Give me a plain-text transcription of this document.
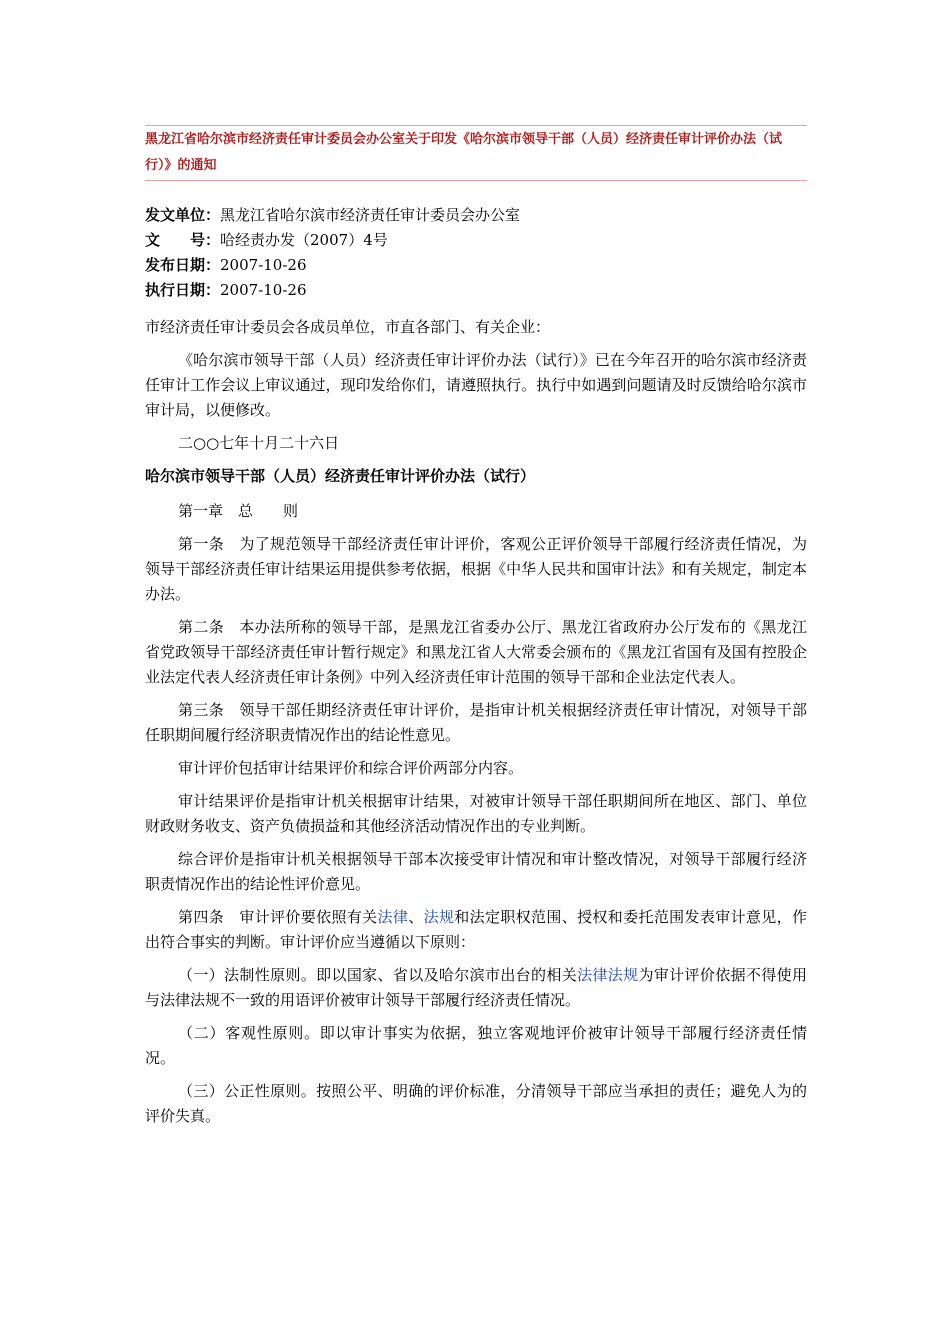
黑龙江省哈尔滨市经济责任审计委员会办公室关于印发《哈尔滨市领导干部（人员）经济责任审计评价办法（试行）》的通知
发文单位：黑龙江省哈尔滨市经济责任审计委员会办公室
文　　号：哈经责办发（2007）4号
发布日期：2007-10-26
执行日期：2007-10-26

市经济责任审计委员会各成员单位，市直各部门、有关企业：

《哈尔滨市领导干部（人员）经济责任审计评价办法（试行）》已在今年召开的哈尔滨市经济责任审计工作会议上审议通过，现印发给你们，请遵照执行。执行中如遇到问题请及时反馈给哈尔滨市审计局，以便修改。

二○○七年十月二十六日

哈尔滨市领导干部（人员）经济责任审计评价办法（试行）

第一章　总　　则

第一条　为了规范领导干部经济责任审计评价，客观公正评价领导干部履行经济责任情况，为领导干部经济责任审计结果运用提供参考依据，根据《中华人民共和国审计法》和有关规定，制定本办法。

第二条　本办法所称的领导干部，是黑龙江省委办公厅、黑龙江省政府办公厅发布的《黑龙江省党政领导干部经济责任审计暂行规定》和黑龙江省人大常委会颁布的《黑龙江省国有及国有控股企业法定代表人经济责任审计条例》中列入经济责任审计范围的领导干部和企业法定代表人。

第三条　领导干部任期经济责任审计评价，是指审计机关根据经济责任审计情况，对领导干部任职期间履行经济职责情况作出的结论性意见。

审计评价包括审计结果评价和综合评价两部分内容。

审计结果评价是指审计机关根据审计结果，对被审计领导干部任职期间所在地区、部门、单位财政财务收支、资产负债损益和其他经济活动情况作出的专业判断。

综合评价是指审计机关根据领导干部本次接受审计情况和审计整改情况，对领导干部履行经济职责情况作出的结论性评价意见。

第四条　审计评价要依照有关法律、法规和法定职权范围、授权和委托范围发表审计意见，作出符合事实的判断。审计评价应当遵循以下原则：

（一）法制性原则。即以国家、省以及哈尔滨市出台的相关法律法规为审计评价依据不得使用与法律法规不一致的用语评价被审计领导干部履行经济责任情况。

（二）客观性原则。即以审计事实为依据，独立客观地评价被审计领导干部履行经济责任情况。

（三）公正性原则。按照公平、明确的评价标准，分清领导干部应当承担的责任；避免人为的评价失真。
